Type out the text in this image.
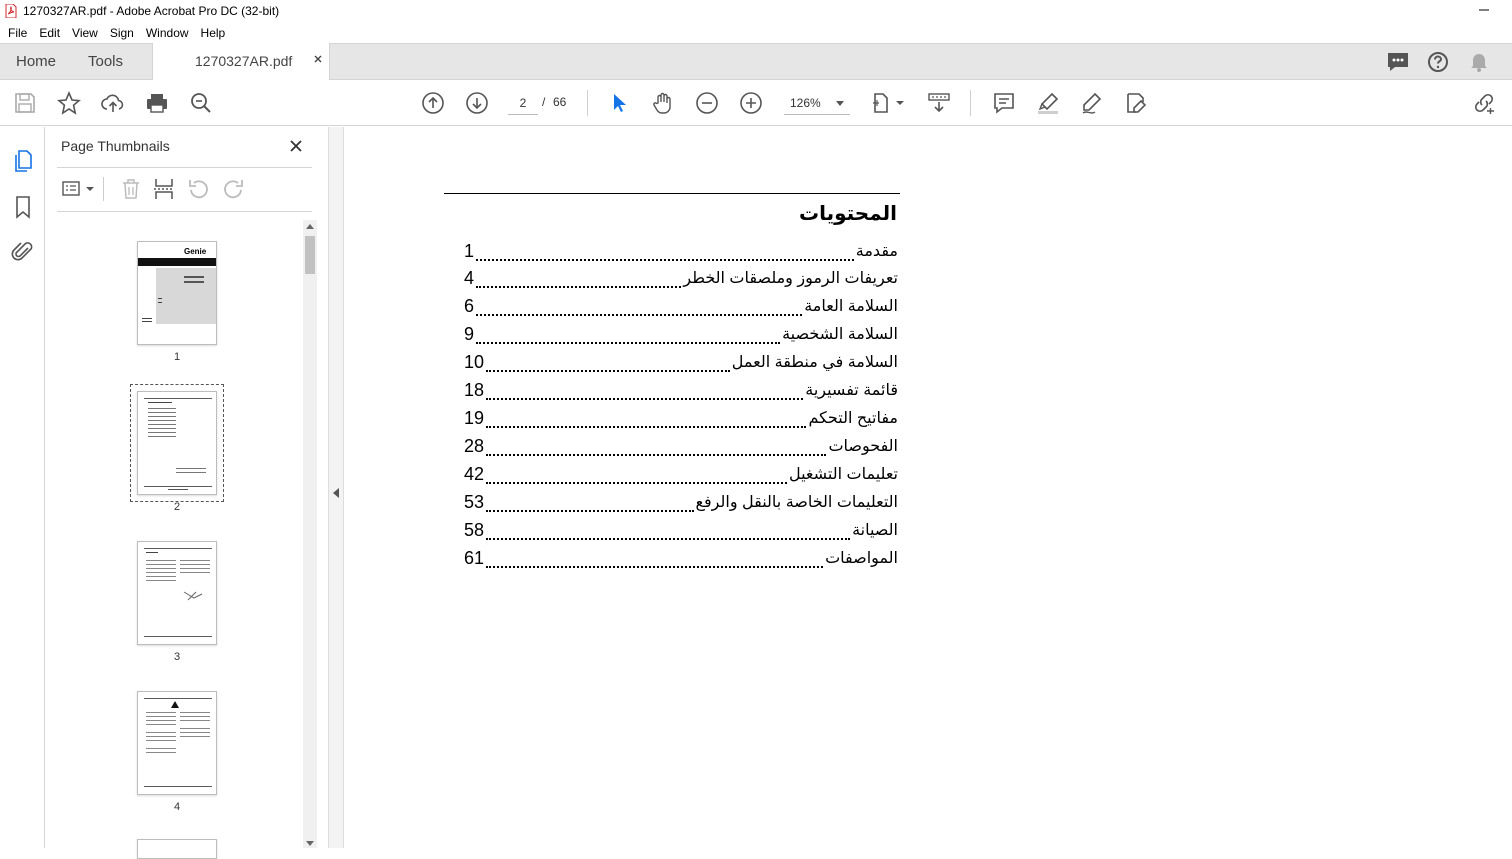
1270327AR.pdf - Adobe Acrobat Pro DC (32-bit)
File	Edit	View	Sign	Window	Help
Home Tools	1270327AR.pdf
2	/ 66	126%
Page Thumbnails
Genie
1
2
3
4
المحتويات
1	مقدمة
4	تعريفات الرموز وملصقات الخطر
6	السلامة العامة
9	السلامة الشخصية
10	السلامة في منطقة العمل
18	قائمة تفسيرية
19	مفاتيح التحكم
28	الفحوصات
42	تعليمات التشغيل
53	التعليمات الخاصة بالنقل والرفع
58	الصيانة
61	المواصفات
